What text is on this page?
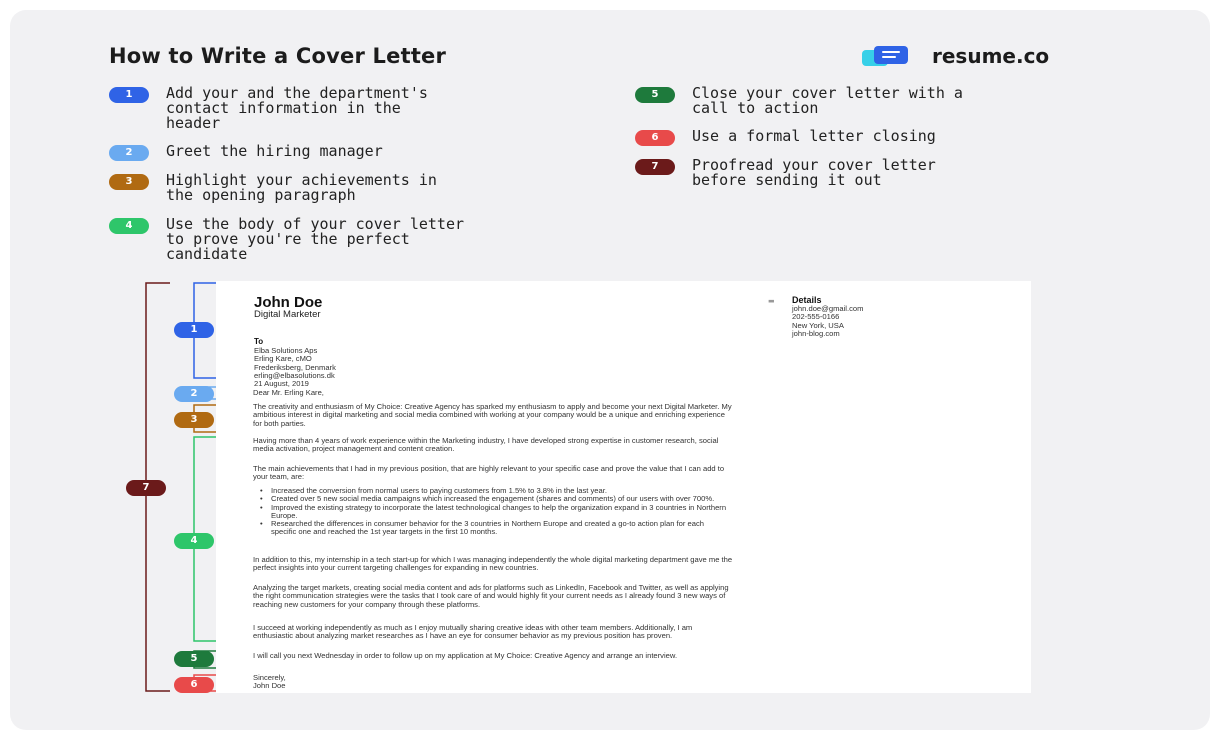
How to Write a Cover Letter	resume.co
1	Add your and the department's
contact information in the
header
2	Greet the hiring manager
3	Highlight your achievements in
the opening paragraph
4	Use the body of your cover letter
to prove you're the perfect
candidate
5	Close your cover letter with a
call to action
6	Use a formal letter closing
7	Proofread your cover letter
before sending it out
1
2
3
4
5
6
7
John Doe
Digital Marketer
To
Elba Solutions Aps
Erling Kare, cMO
Frederiksberg, Denmark
erling@elbasolutions.dk
21 August, 2019
▬	Details
john.doe@gmail.com
202-555-0166
New York, USA
john-blog.com
Dear Mr. Erling Kare,
The creativity and enthusiasm of My Choice: Creative Agency has sparked my enthusiasm to apply and become your next Digital Marketer. My ambitious interest in digital marketing and social media combined with working at your company would be a unique and enriching experience for both parties.
Having more than 4 years of work experience within the Marketing industry, I have developed strong expertise in customer research, social media activation, project management and content creation.
The main achievements that I had in my previous position, that are highly relevant to your specific case and prove the value that I can add to your team, are:
• Increased the conversion from normal users to paying customers from 1.5% to 3.8% in the last year.
• Created over 5 new social media campaigns which increased the engagement (shares and comments) of our users with over 700%.
• Improved the existing strategy to incorporate the latest technological changes to help the organization expand in 3 countries in Northern Europe.
• Researched the differences in consumer behavior for the 3 countries in Northern Europe and created a go-to action plan for each specific one and reached the 1st year targets in the first 10 months.
In addition to this, my internship in a tech start-up for which I was managing independently the whole digital marketing department gave me the perfect insights into your current targeting challenges for expanding in new countries.
Analyzing the target markets, creating social media content and ads for platforms such as LinkedIn, Facebook and Twitter, as well as applying the right communication strategies were the tasks that I took care of and would highly fit your current needs as I already found 3 new ways of reaching new customers for your company through these platforms.
I succeed at working independently as much as I enjoy mutually sharing creative ideas with other team members. Additionally, I am enthusiastic about analyzing market researches as I have an eye for consumer behavior as my previous position has proven.
I will call you next Wednesday in order to follow up on my application at My Choice: Creative Agency and arrange an interview.
Sincerely,
John Doe
